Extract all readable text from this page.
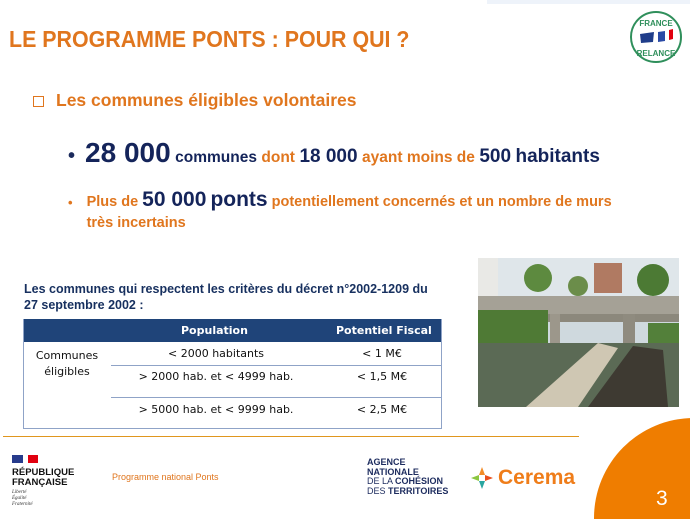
LE PROGRAMME PONTS : POUR QUI ?
FRANCE
RELANCE
Les communes éligibles volontaires
• 28 000
communes
dont
18 000
ayant moins de
500
habitants
• Plus de 50 000 ponts potentiellement concernés et un nombre de murs très incertains
Les communes qui respectent les critères du décret n°2002-1209 du 27 septembre 2002 :
Population	Potentiel Fiscal
Communes éligibles
< 2000 habitants	< 1 M€
> 2000 hab. et < 4999 hab.	< 1,5 M€
> 5000 hab. et < 9999 hab.	< 2,5 M€
RÉPUBLIQUE
FRANÇAISE
Liberté
Égalité
Fraternité
Programme national Ponts
AGENCE
NATIONALE
DE LA COHÉSION
DES TERRITOIRES
Cerema
3
